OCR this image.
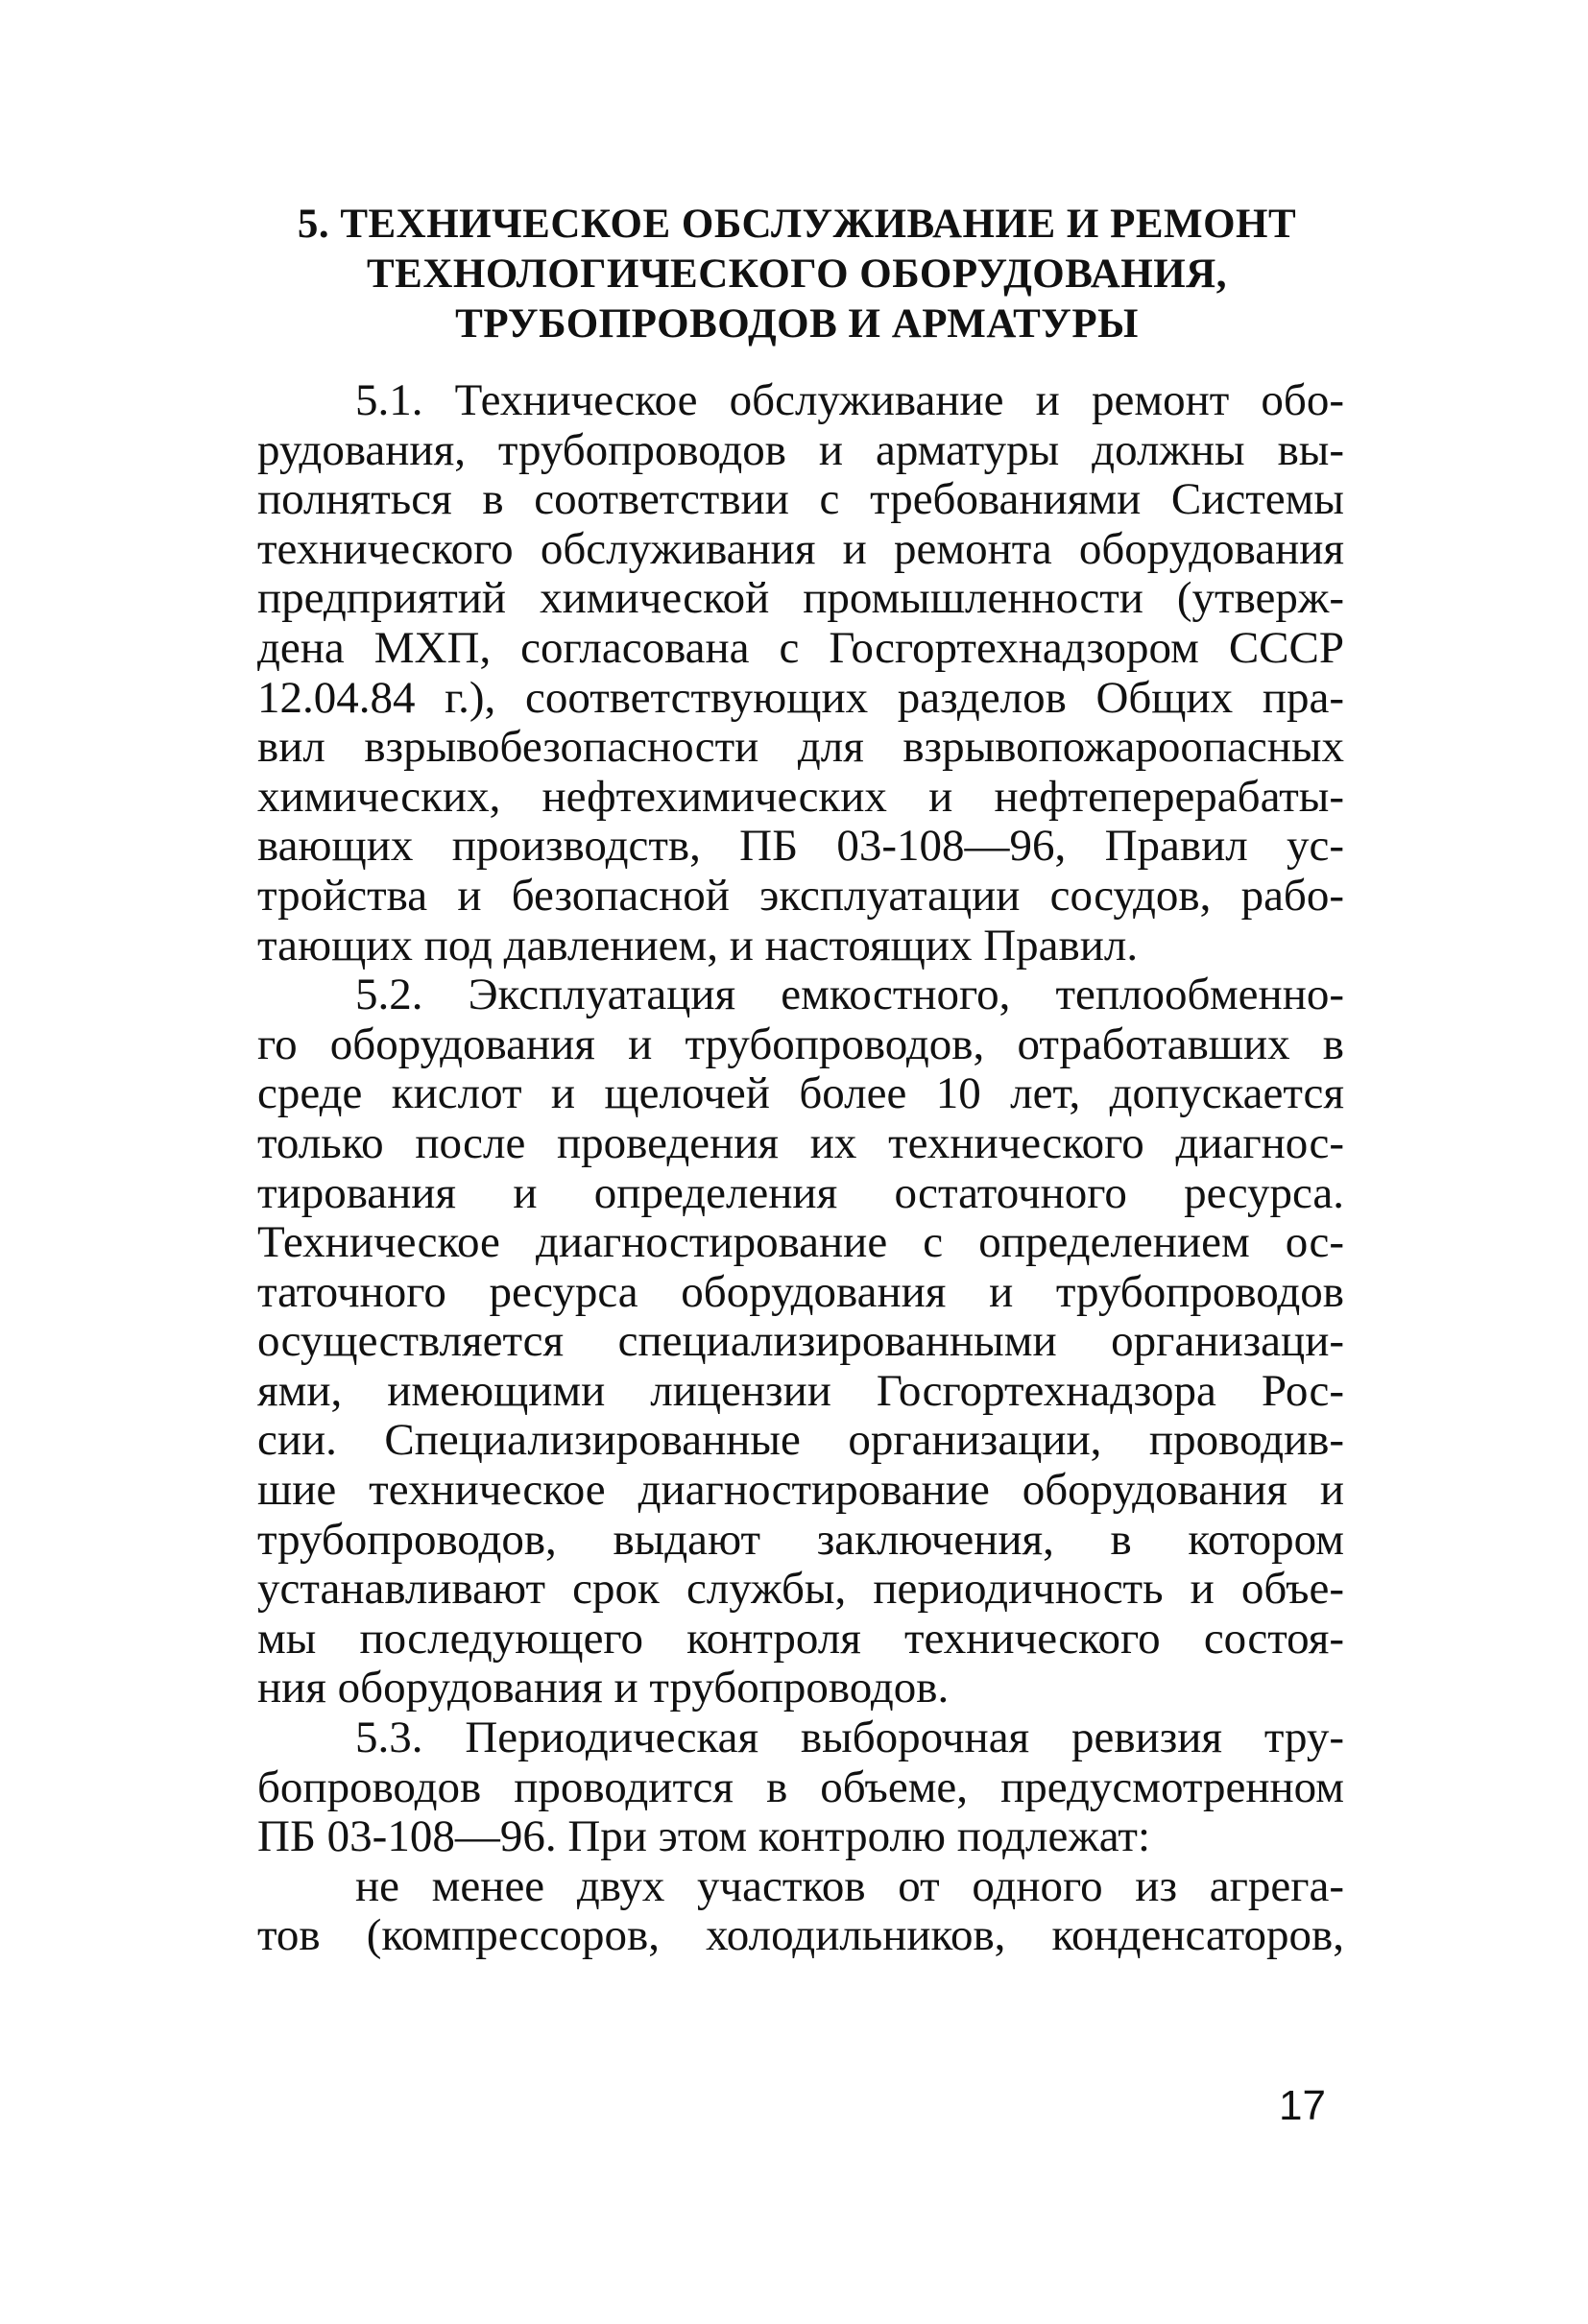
5. ТЕХНИЧЕСКОЕ ОБСЛУЖИВАНИЕ И РЕМОНТ
ТЕХНОЛОГИЧЕСКОГО ОБОРУДОВАНИЯ,
ТРУБОПРОВОДОВ И АРМАТУРЫ
5.1. Техническое обслуживание и ремонт обо-
рудования, трубопроводов и арматуры должны вы-
полняться в соответствии с требованиями Системы
технического обслуживания и ремонта оборудования
предприятий химической промышленности (утверж-
дена МХП, согласована с Госгортехнадзором СССР
12.04.84 г.), соответствующих разделов Общих пра-
вил взрывобезопасности для взрывопожароопасных
химических, нефтехимических и нефтеперерабаты-
вающих производств, ПБ 03-108—96, Правил ус-
тройства и безопасной эксплуатации сосудов, рабо-
тающих под давлением, и настоящих Правил.
5.2. Эксплуатация емкостного, теплообменно-
го оборудования и трубопроводов, отработавших в
среде кислот и щелочей более 10 лет, допускается
только после проведения их технического диагнос-
тирования и определения остаточного ресурса.
Техническое диагностирование с определением ос-
таточного ресурса оборудования и трубопроводов
осуществляется специализированными организаци-
ями, имеющими лицензии Госгортехнадзора Рос-
сии. Специализированные организации, проводив-
шие техническое диагностирование оборудования и
трубопроводов, выдают заключения, в котором
устанавливают срок службы, периодичность и объе-
мы последующего контроля технического состоя-
ния оборудования и трубопроводов.
5.3. Периодическая выборочная ревизия тру-
бопроводов проводится в объеме, предусмотренном
ПБ 03-108—96. При этом контролю подлежат:
не менее двух участков от одного из агрега-
тов (компрессоров, холодильников, конденсаторов,
17
